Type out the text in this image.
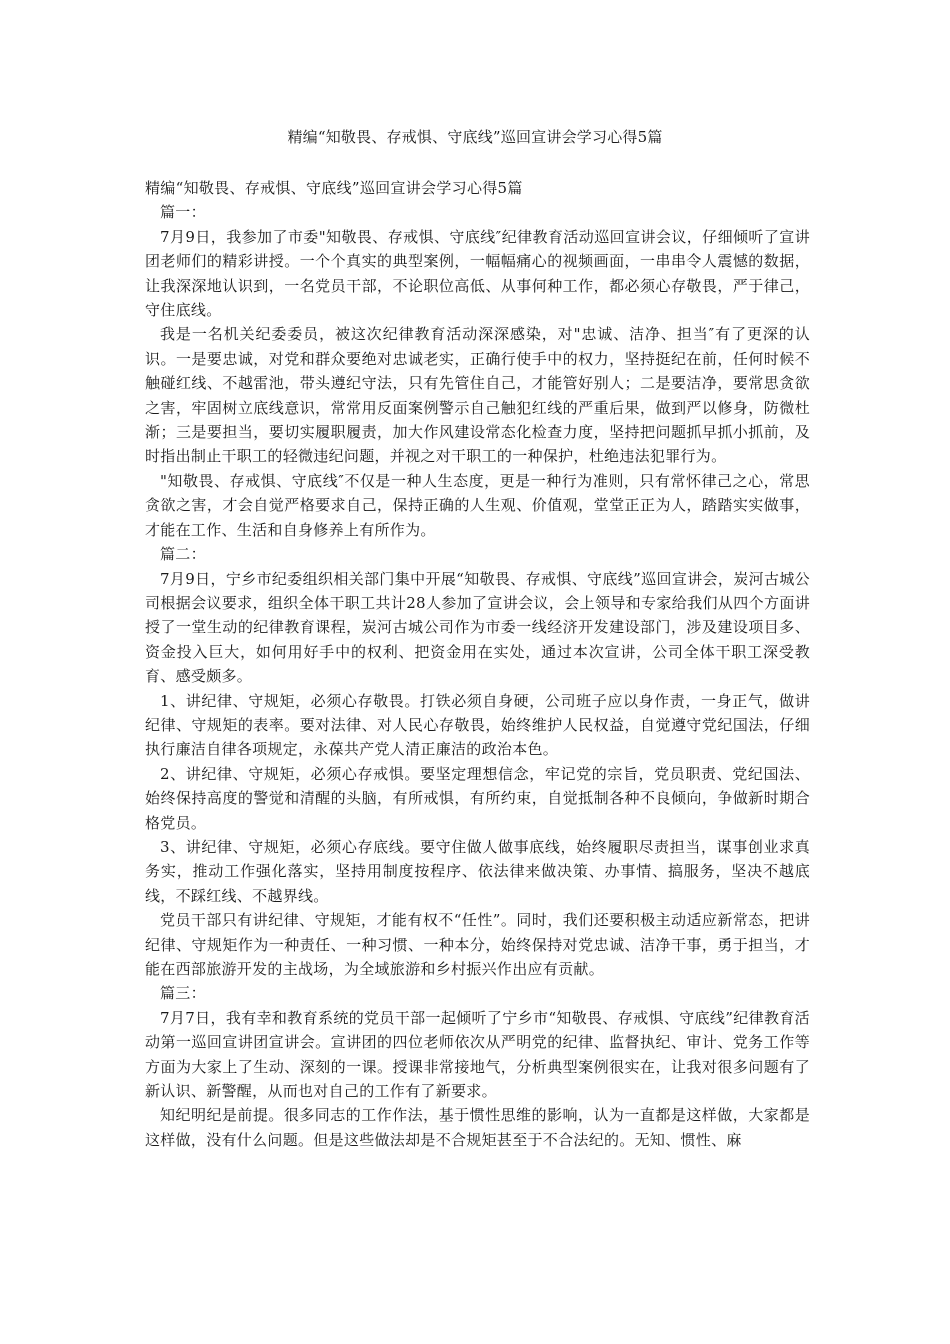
精编“知敬畏、存戒惧、守底线”巡回宣讲会学习心得5篇

精编“知敬畏、存戒惧、守底线”巡回宣讲会学习心得5篇

篇一：

7月9日，我参加了市委"知敬畏、存戒惧、守底线″纪律教育活动巡回宣讲会议，仔细倾听了宣讲团老师们的精彩讲授。一个个真实的典型案例，一幅幅痛心的视频画面，一串串令人震憾的数据，让我深深地认识到，一名党员干部，不论职位高低、从事何种工作，都必须心存敬畏，严于律己，守住底线。

我是一名机关纪委委员，被这次纪律教育活动深深感染，对"忠诚、洁净、担当″有了更深的认识。一是要忠诚，对党和群众要绝对忠诚老实，正确行使手中的权力，坚持挺纪在前，任何时候不触碰红线、不越雷池，带头遵纪守法，只有先管住自己，才能管好别人；二是要洁净，要常思贪欲之害，牢固树立底线意识，常常用反面案例警示自己触犯红线的严重后果，做到严以修身，防微杜渐；三是要担当，要切实履职履责，加大作风建设常态化检查力度，坚持把问题抓早抓小抓前，及时指出制止干职工的轻微违纪问题，并视之对干职工的一种保护，杜绝违法犯罪行为。

"知敬畏、存戒惧、守底线″不仅是一种人生态度，更是一种行为准则，只有常怀律己之心，常思贪欲之害，才会自觉严格要求自己，保持正确的人生观、价值观，堂堂正正为人，踏踏实实做事，才能在工作、生活和自身修养上有所作为。

篇二：

7月9日，宁乡市纪委组织相关部门集中开展“知敬畏、存戒惧、守底线”巡回宣讲会，炭河古城公司根据会议要求，组织全体干职工共计28人参加了宣讲会议，会上领导和专家给我们从四个方面讲授了一堂生动的纪律教育课程，炭河古城公司作为市委一线经济开发建设部门，涉及建设项目多、资金投入巨大，如何用好手中的权利、把资金用在实处，通过本次宣讲，公司全体干职工深受教育、感受颇多。

1、讲纪律、守规矩，必须心存敬畏。打铁必须自身硬，公司班子应以身作责，一身正气，做讲纪律、守规矩的表率。要对法律、对人民心存敬畏，始终维护人民权益，自觉遵守党纪国法，仔细执行廉洁自律各项规定，永葆共产党人清正廉洁的政治本色。

2、讲纪律、守规矩，必须心存戒惧。要坚定理想信念，牢记党的宗旨，党员职责、党纪国法、始终保持高度的警觉和清醒的头脑，有所戒惧，有所约束，自觉抵制各种不良倾向，争做新时期合格党员。

3、讲纪律、守规矩，必须心存底线。要守住做人做事底线，始终履职尽责担当，谋事创业求真务实，推动工作强化落实，坚持用制度按程序、依法律来做决策、办事情、搞服务，坚决不越底线，不踩红线、不越界线。

党员干部只有讲纪律、守规矩，才能有权不“任性”。同时，我们还要积极主动适应新常态，把讲纪律、守规矩作为一种责任、一种习惯、一种本分，始终保持对党忠诚、洁净干事，勇于担当，才能在西部旅游开发的主战场，为全域旅游和乡村振兴作出应有贡献。

篇三：

7月7日，我有幸和教育系统的党员干部一起倾听了宁乡市“知敬畏、存戒惧、守底线”纪律教育活动第一巡回宣讲团宣讲会。宣讲团的四位老师依次从严明党的纪律、监督执纪、审计、党务工作等方面为大家上了生动、深刻的一课。授课非常接地气，分析典型案例很实在，让我对很多问题有了新认识、新警醒，从而也对自己的工作有了新要求。

知纪明纪是前提。很多同志的工作作法，基于惯性思维的影响，认为一直都是这样做，大家都是这样做，没有什么问题。但是这些做法却是不合规矩甚至于不合法纪的。无知、惯性、麻
